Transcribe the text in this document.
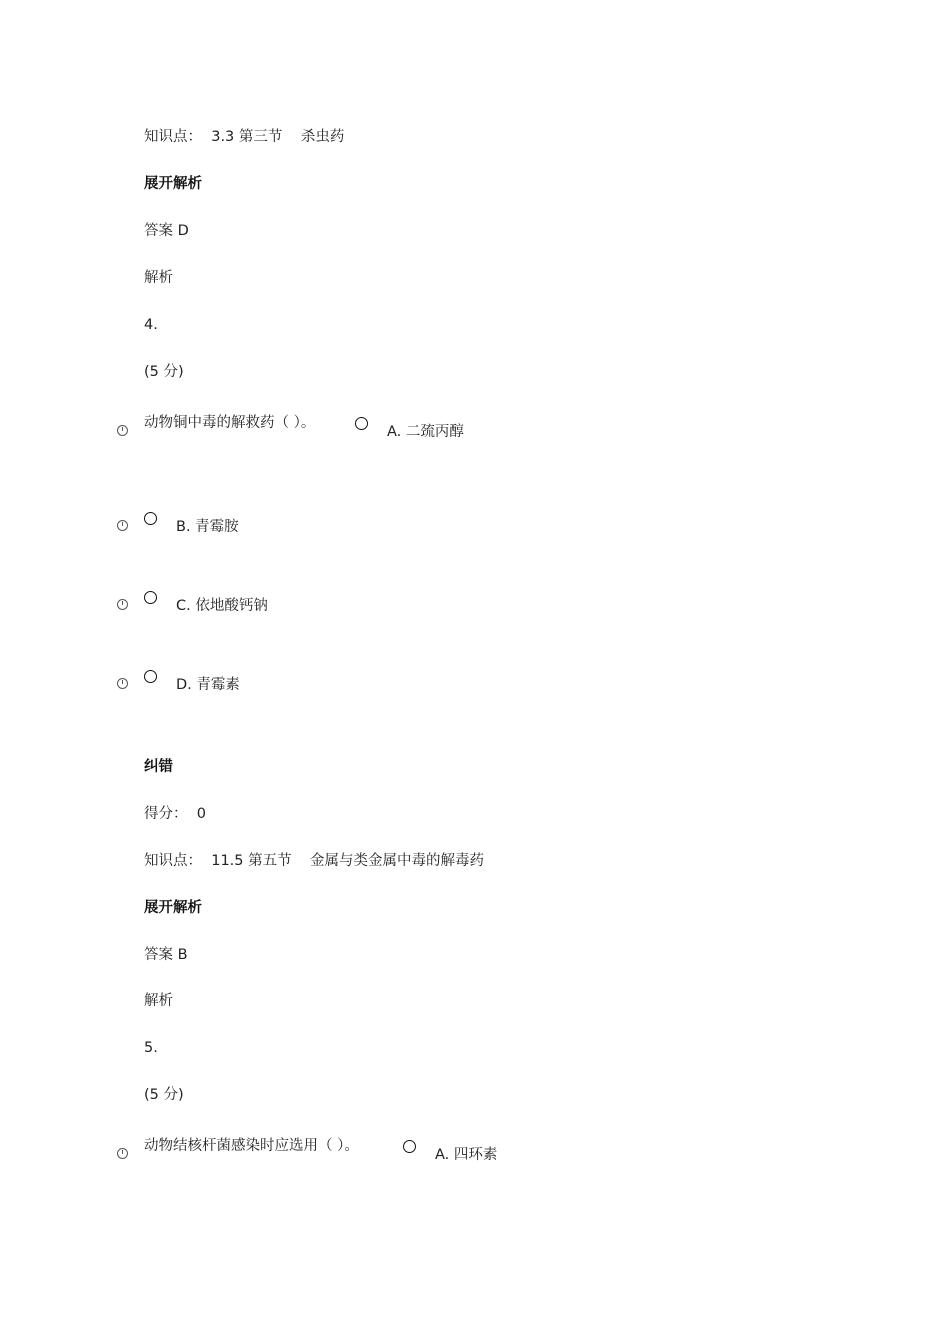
知识点：  3.3 第三节    杀虫药
展开解析
答案 D
解析
4.
(5 分)
动物铜中毒的解救药（ ）。
A. 二巯丙醇
B. 青霉胺
C. 依地酸钙钠
D. 青霉素
纠错
得分：  0
知识点：  11.5 第五节    金属与类金属中毒的解毒药
展开解析
答案 B
解析
5.
(5 分)
动物结核杆菌感染时应选用（ ）。
A. 四环素
